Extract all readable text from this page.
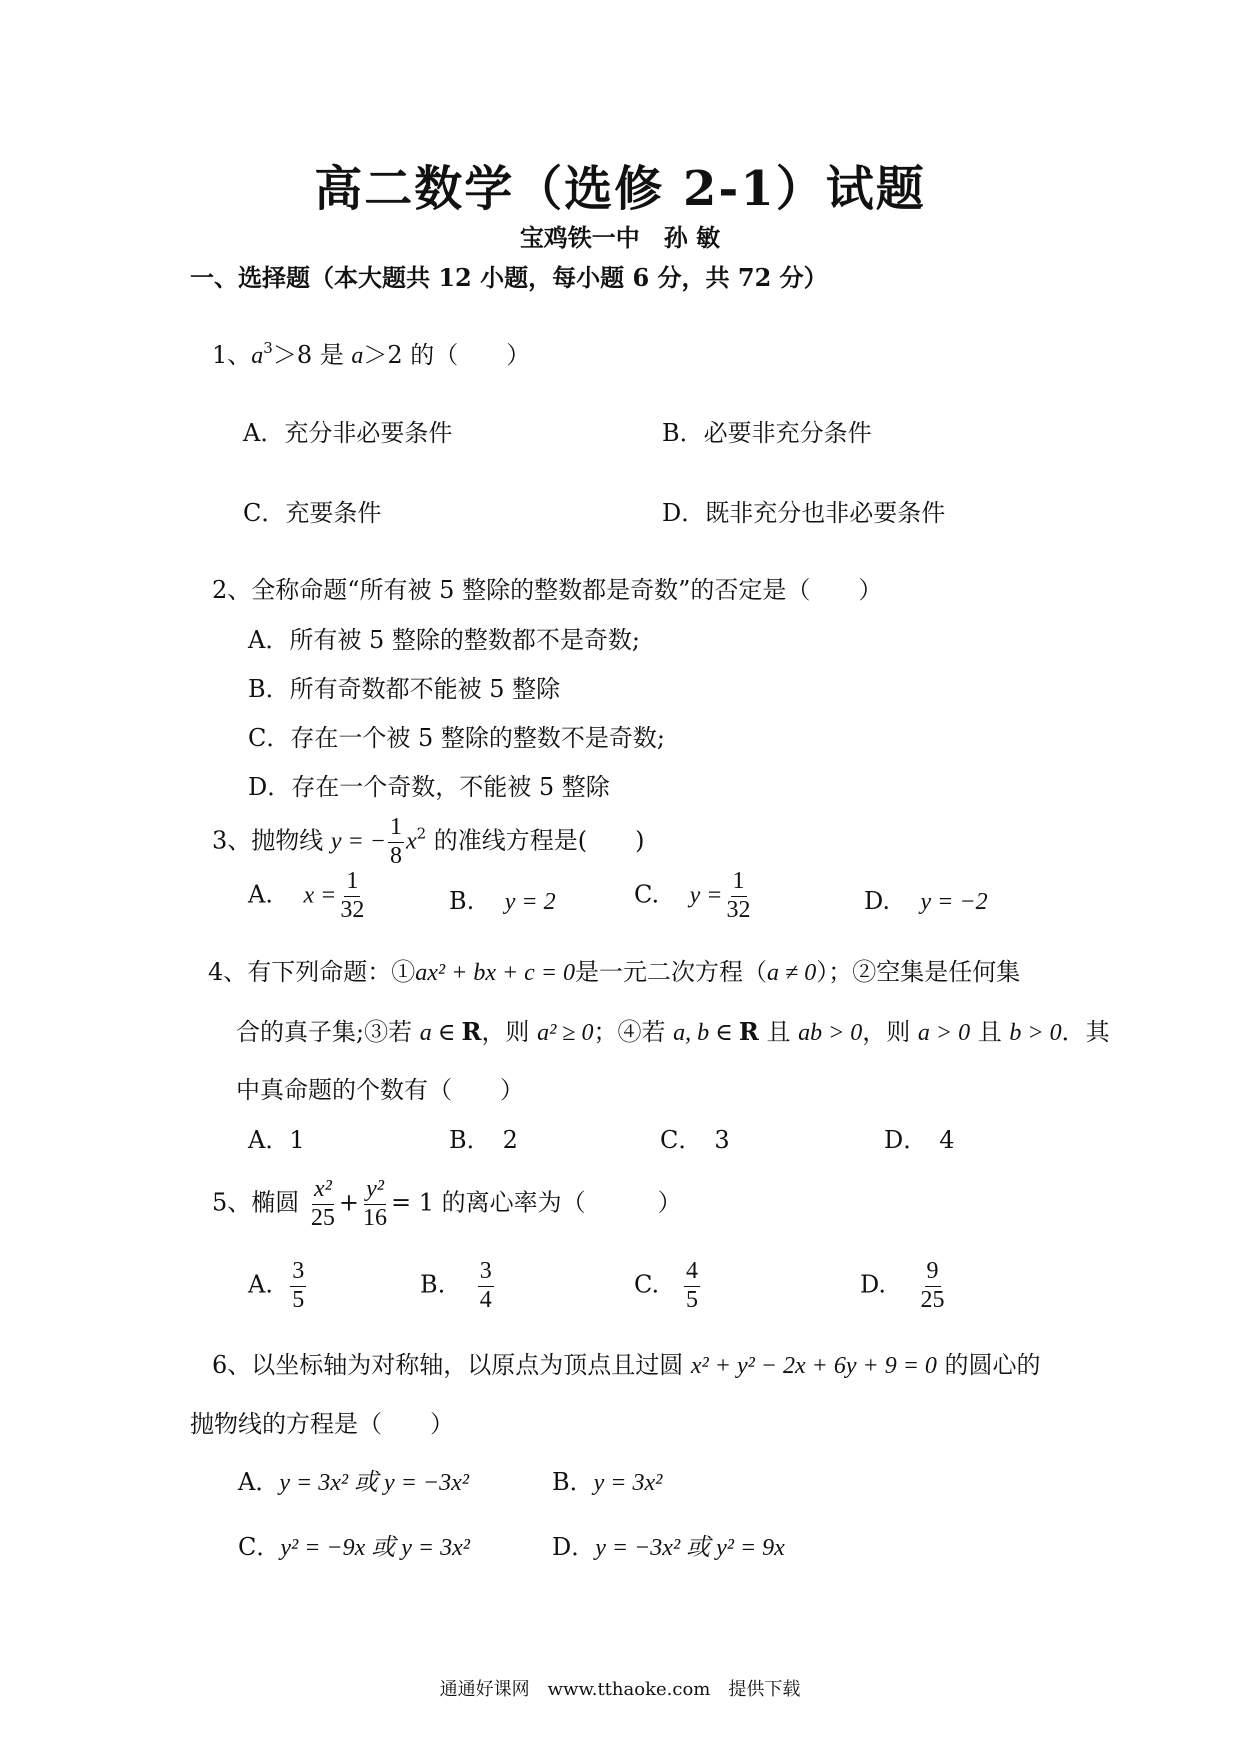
高二数学（选修 2-1）试题
宝鸡铁一中　孙 敏
一、选择题（本大题共 12 小题，每小题 6 分，共 72 分）
1、$a^3>8$ 是 a＞2 的（　　）
A．充分非必要条件	B．必要非充分条件
C．充要条件	D．既非充分也非必要条件
2、全称命题“所有被 5 整除的整数都是奇数”的否定是（　　）
A．所有被 5 整除的整数都不是奇数;
B．所有奇数都不能被 5 整除
C．存在一个被 5 整除的整数不是奇数;
D．存在一个奇数，不能被 5 整除
3、抛物线 y = − $\frac{1}{8} x^2$ 的准线方程是(　　)
A. $x = \frac{1}{32}$	B. y = 2	C. $y = \frac{1}{32}$	D. y = −2
4、有下列命题：①ax² + bx + c = 0是一元二次方程（a ≠ 0）；②空集是任何集
合的真子集;③若 a ∈ R，则 a² ≥ 0；④若 a, b ∈ R 且 ab > 0，则 a > 0 且 b > 0．其
中真命题的个数有（　　）
A．1	B．　2	C．　3	D．　4
5、椭圆 $\frac{\text{x²}}{25} + \frac{\text{y²}}{16} = 1$ 的离心率为（　　　）
A. $\frac{3}{5}$	B. $\frac{3}{4}$	C. $\frac{4}{5}$	D. $\frac{9}{25}$
6、以坐标轴为对称轴，以原点为顶点且过圆 x² + y² − 2x + 6y + 9 = 0 的圆心的
抛物线的方程是（　　）
A．y = 3x² 或 y = −3x²	B．y = 3x²
C．y² = −9x 或 y = 3x²	D．y = −3x² 或 y² = 9x
通通好课网　www.tthaoke.com　提供下载
